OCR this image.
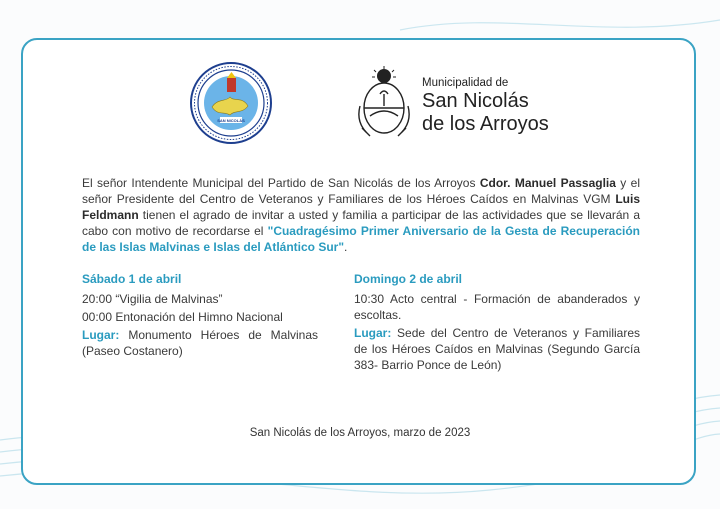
SAN NICOLÁS
Municipalidad de
San Nicolás
de los Arroyos
El señor Intendente Municipal del Partido de San Nicolás de los Arroyos Cdor. Manuel Passaglia y el señor Presidente del Centro de Veteranos y Familiares de los Héroes Caídos en Malvinas VGM Luis Feldmann tienen el agrado de invitar a usted y familia a participar de las actividades que se llevarán a cabo con motivo de recordarse el "Cuadragésimo Primer Aniversario de la Gesta de Recuperación de las Islas Malvinas e Islas del Atlántico Sur".
Sábado 1 de abril
20:00 “Vigilia de Malvinas”
00:00 Entonación del Himno Nacional
Lugar: Monumento Héroes de Malvinas (Paseo Costanero)
Domingo 2 de abril
10:30 Acto central - Formación de abanderados y escoltas.
Lugar: Sede del Centro de Veteranos y Familiares de los Héroes Caídos en Malvinas (Segundo García 383- Barrio Ponce de León)
San Nicolás de los Arroyos, marzo de 2023
